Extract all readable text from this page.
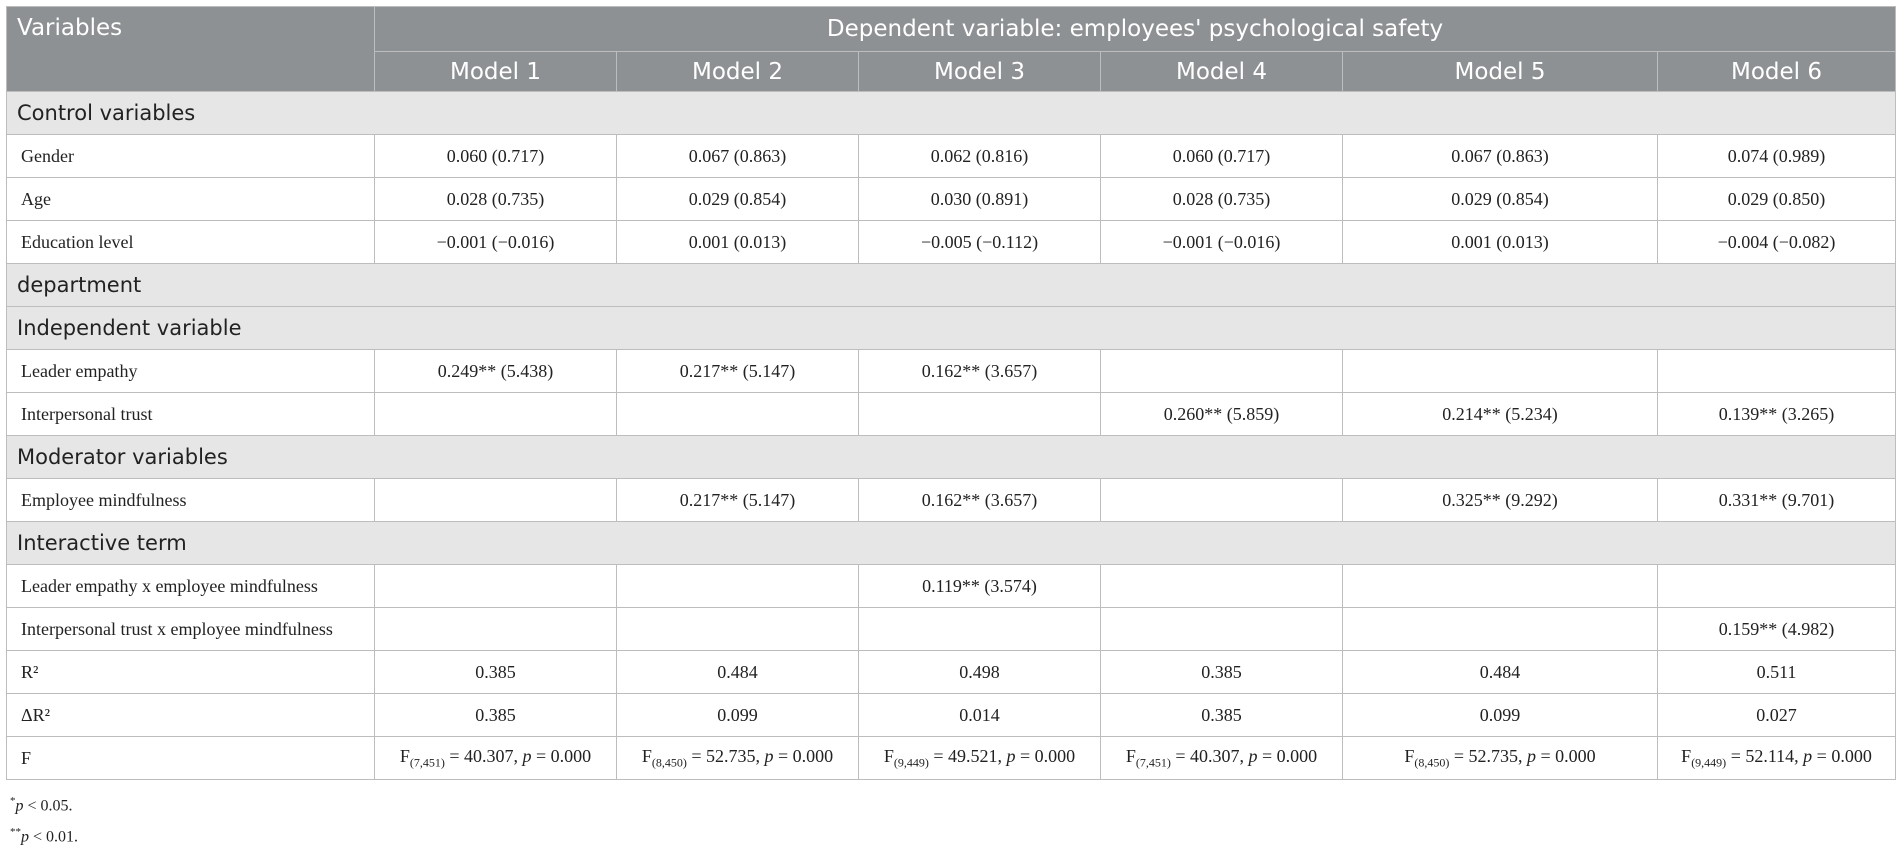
Variables	Dependent variable: employees' psychological safety					
	Model 1	Model 2	Model 3	Model 4	Model 5	Model 6
Control variables						
Gender	0.060 (0.717)	0.067 (0.863)	0.062 (0.816)	0.060 (0.717)	0.067 (0.863)	0.074 (0.989)
Age	0.028 (0.735)	0.029 (0.854)	0.030 (0.891)	0.028 (0.735)	0.029 (0.854)	0.029 (0.850)
Education level	−0.001 (−0.016)	0.001 (0.013)	−0.005 (−0.112)	−0.001 (−0.016)	0.001 (0.013)	−0.004 (−0.082)
department						
Independent variable						
Leader empathy	0.249** (5.438)	0.217** (5.147)	0.162** (3.657)			
Interpersonal trust				0.260** (5.859)	0.214** (5.234)	0.139** (3.265)
Moderator variables						
Employee mindfulness		0.217** (5.147)	0.162** (3.657)		0.325** (9.292)	0.331** (9.701)
Interactive term						
Leader empathy x employee mindfulness			0.119** (3.574)			
Interpersonal trust x employee mindfulness						0.159** (4.982)
R²	0.385	0.484	0.498	0.385	0.484	0.511
ΔR²	0.385	0.099	0.014	0.385	0.099	0.027
F	$F_{(7,451)} = 40.307$, p = 0.000	$F_{(8,450)} = 52.735$, p = 0.000	$F_{(9,449)} = 49.521$, p = 0.000	$F_{(7,451)} = 40.307$, p = 0.000	$F_{(8,450)} = 52.735$, p = 0.000	$F_{(9,449)} = 52.114$, p = 0.000
*p < 0.05.
**p < 0.01.
